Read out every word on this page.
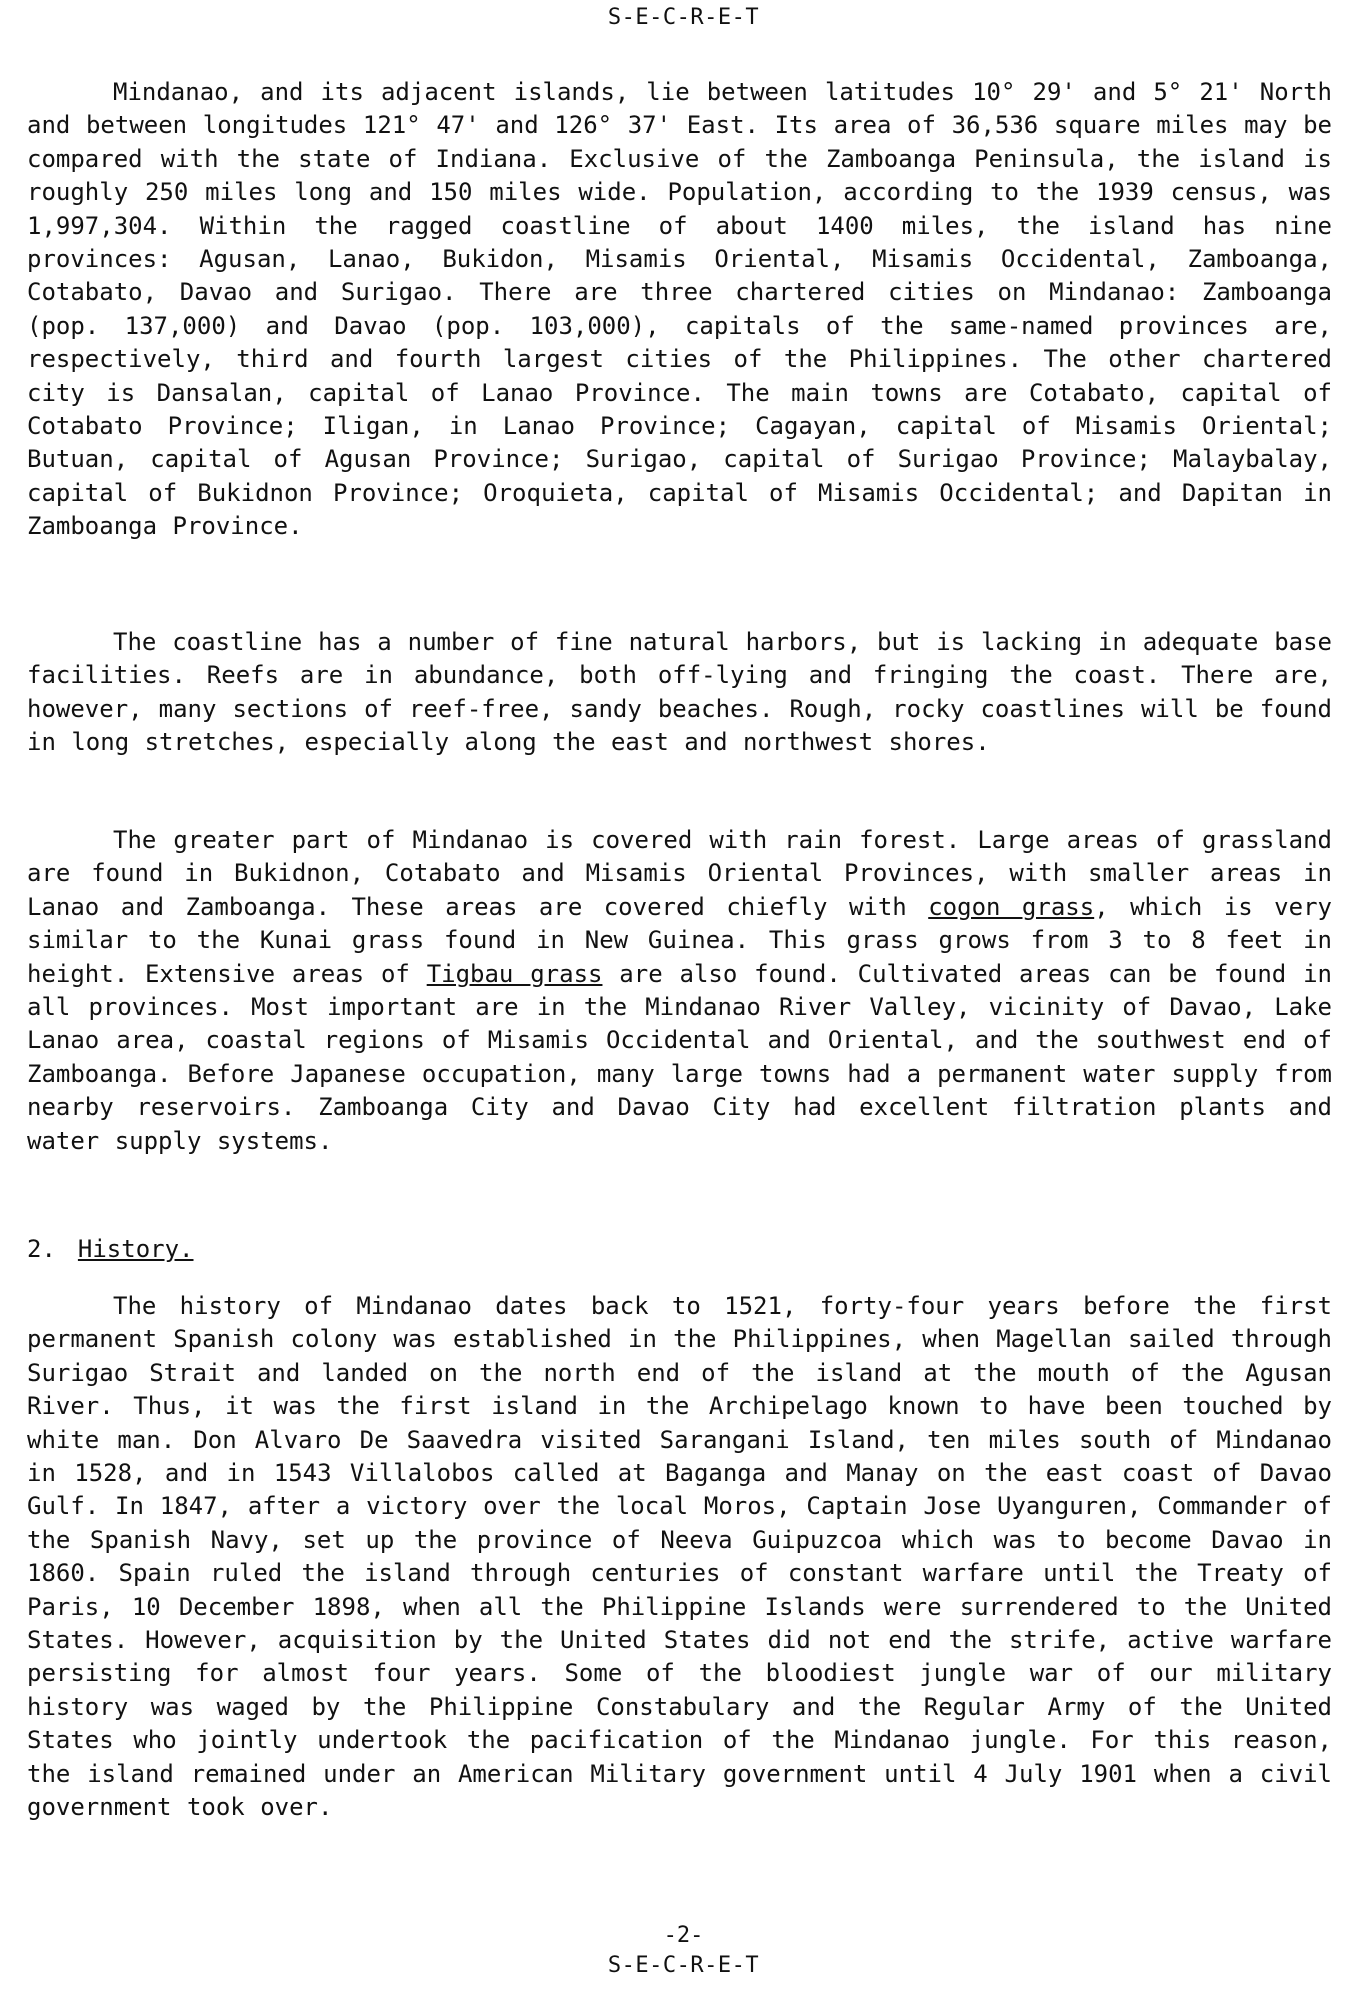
S-E-C-R-E-T

Mindanao, and its adjacent islands, lie between latitudes 10° 29' and 5° 21' North and between longitudes 121° 47' and 126° 37' East. Its area of 36,536 square miles may be compared with the state of Indiana. Exclusive of the Zamboanga Peninsula, the island is roughly 250 miles long and 150 miles wide. Population, according to the 1939 census, was 1,997,304. Within the ragged coastline of about 1400 miles, the island has nine provinces: Agusan, Lanao, Bukidon, Misamis Oriental, Misamis Occidental, Zamboanga, Cotabato, Davao and Surigao. There are three chartered cities on Mindanao: Zamboanga (pop. 137,000) and Davao (pop. 103,000), capitals of the same-named provinces are, respectively, third and fourth largest cities of the Philippines. The other chartered city is Dansalan, capital of Lanao Province. The main towns are Cotabato, capital of Cotabato Province; Iligan, in Lanao Province; Cagayan, capital of Misamis Oriental; Butuan, capital of Agusan Province; Surigao, capital of Surigao Province; Malaybalay, capital of Bukidnon Province; Oroquieta, capital of Misamis Occidental; and Dapitan in Zamboanga Province.

The coastline has a number of fine natural harbors, but is lacking in adequate base facilities. Reefs are in abundance, both off-lying and fringing the coast. There are, however, many sections of reef-free, sandy beaches. Rough, rocky coastlines will be found in long stretches, especially along the east and northwest shores.

The greater part of Mindanao is covered with rain forest. Large areas of grassland are found in Bukidnon, Cotabato and Misamis Oriental Provinces, with smaller areas in Lanao and Zamboanga. These areas are covered chiefly with cogon grass, which is very similar to the Kunai grass found in New Guinea. This grass grows from 3 to 8 feet in height. Extensive areas of Tigbau grass are also found. Cultivated areas can be found in all provinces. Most important are in the Mindanao River Valley, vicinity of Davao, Lake Lanao area, coastal regions of Misamis Occidental and Oriental, and the southwest end of Zamboanga. Before Japanese occupation, many large towns had a permanent water supply from nearby reservoirs. Zamboanga City and Davao City had excellent filtration plants and water supply systems.

2. History.

The history of Mindanao dates back to 1521, forty-four years before the first permanent Spanish colony was established in the Philippines, when Magellan sailed through Surigao Strait and landed on the north end of the island at the mouth of the Agusan River. Thus, it was the first island in the Archipelago known to have been touched by white man. Don Alvaro De Saavedra visited Sarangani Island, ten miles south of Mindanao in 1528, and in 1543 Villalobos called at Baganga and Manay on the east coast of Davao Gulf. In 1847, after a victory over the local Moros, Captain Jose Uyanguren, Commander of the Spanish Navy, set up the province of Neeva Guipuzcoa which was to become Davao in 1860. Spain ruled the island through centuries of constant warfare until the Treaty of Paris, 10 December 1898, when all the Philippine Islands were surrendered to the United States. However, acquisition by the United States did not end the strife, active warfare persisting for almost four years. Some of the bloodiest jungle war of our military history was waged by the Philippine Constabulary and the Regular Army of the United States who jointly undertook the pacification of the Mindanao jungle. For this reason, the island remained under an American Military government until 4 July 1901 when a civil government took over.

-2-
S-E-C-R-E-T
